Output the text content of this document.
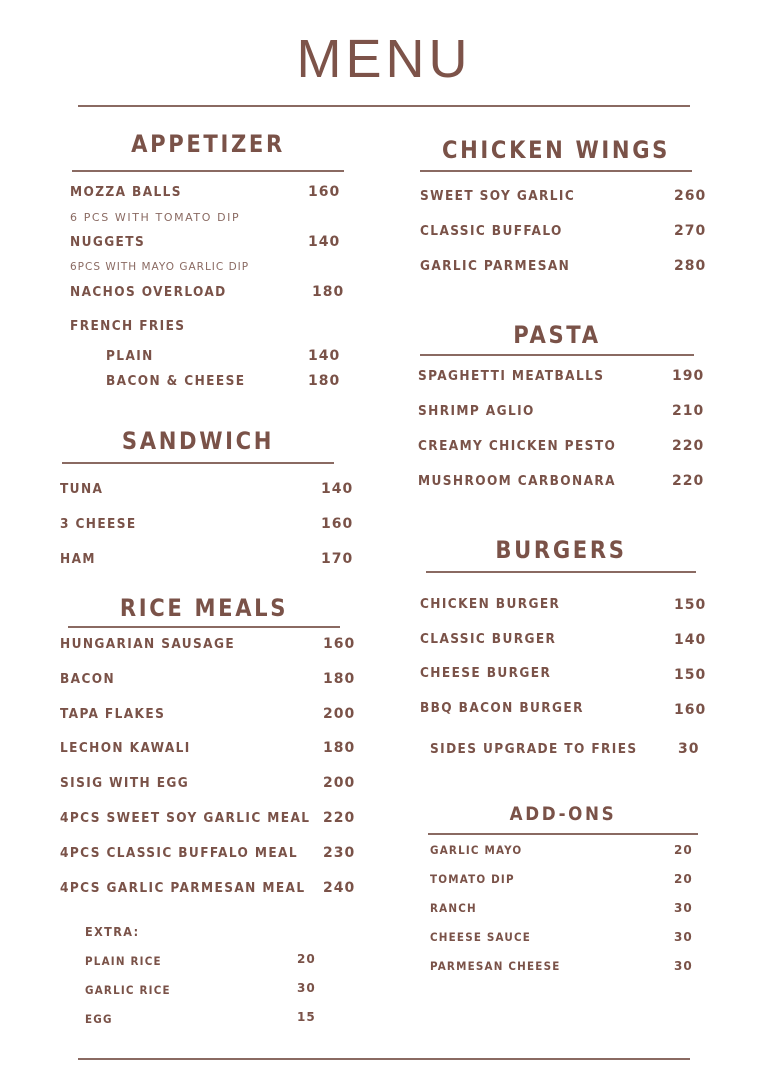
MENU
APPETIZER
MOZZA BALLS	160
6 PCS WITH TOMATO DIP
NUGGETS	140
6PCS WITH MAYO GARLIC DIP
NACHOS OVERLOAD	180
FRENCH FRIES
PLAIN	140
BACON & CHEESE	180
SANDWICH
TUNA	140
3 CHEESE	160
HAM	170
RICE MEALS
HUNGARIAN SAUSAGE	160
BACON	180
TAPA FLAKES	200
LECHON KAWALI	180
SISIG WITH EGG	200
4PCS SWEET SOY GARLIC MEAL 220
4PCS CLASSIC BUFFALO MEAL 230
4PCS GARLIC PARMESAN MEAL 240
EXTRA:
PLAIN RICE	20
GARLIC RICE	30
EGG	15
CHICKEN WINGS
SWEET SOY GARLIC	260
CLASSIC BUFFALO	270
GARLIC PARMESAN	280
PASTA
SPAGHETTI MEATBALLS	190
SHRIMP AGLIO	210
CREAMY CHICKEN PESTO	220
MUSHROOM CARBONARA	220
BURGERS
CHICKEN BURGER	150
CLASSIC BURGER	140
CHEESE BURGER	150
BBQ BACON BURGER	160
SIDES UPGRADE TO FRIES	30
ADD-ONS
GARLIC MAYO	20
TOMATO DIP	20
RANCH	30
CHEESE SAUCE	30
PARMESAN CHEESE	30
